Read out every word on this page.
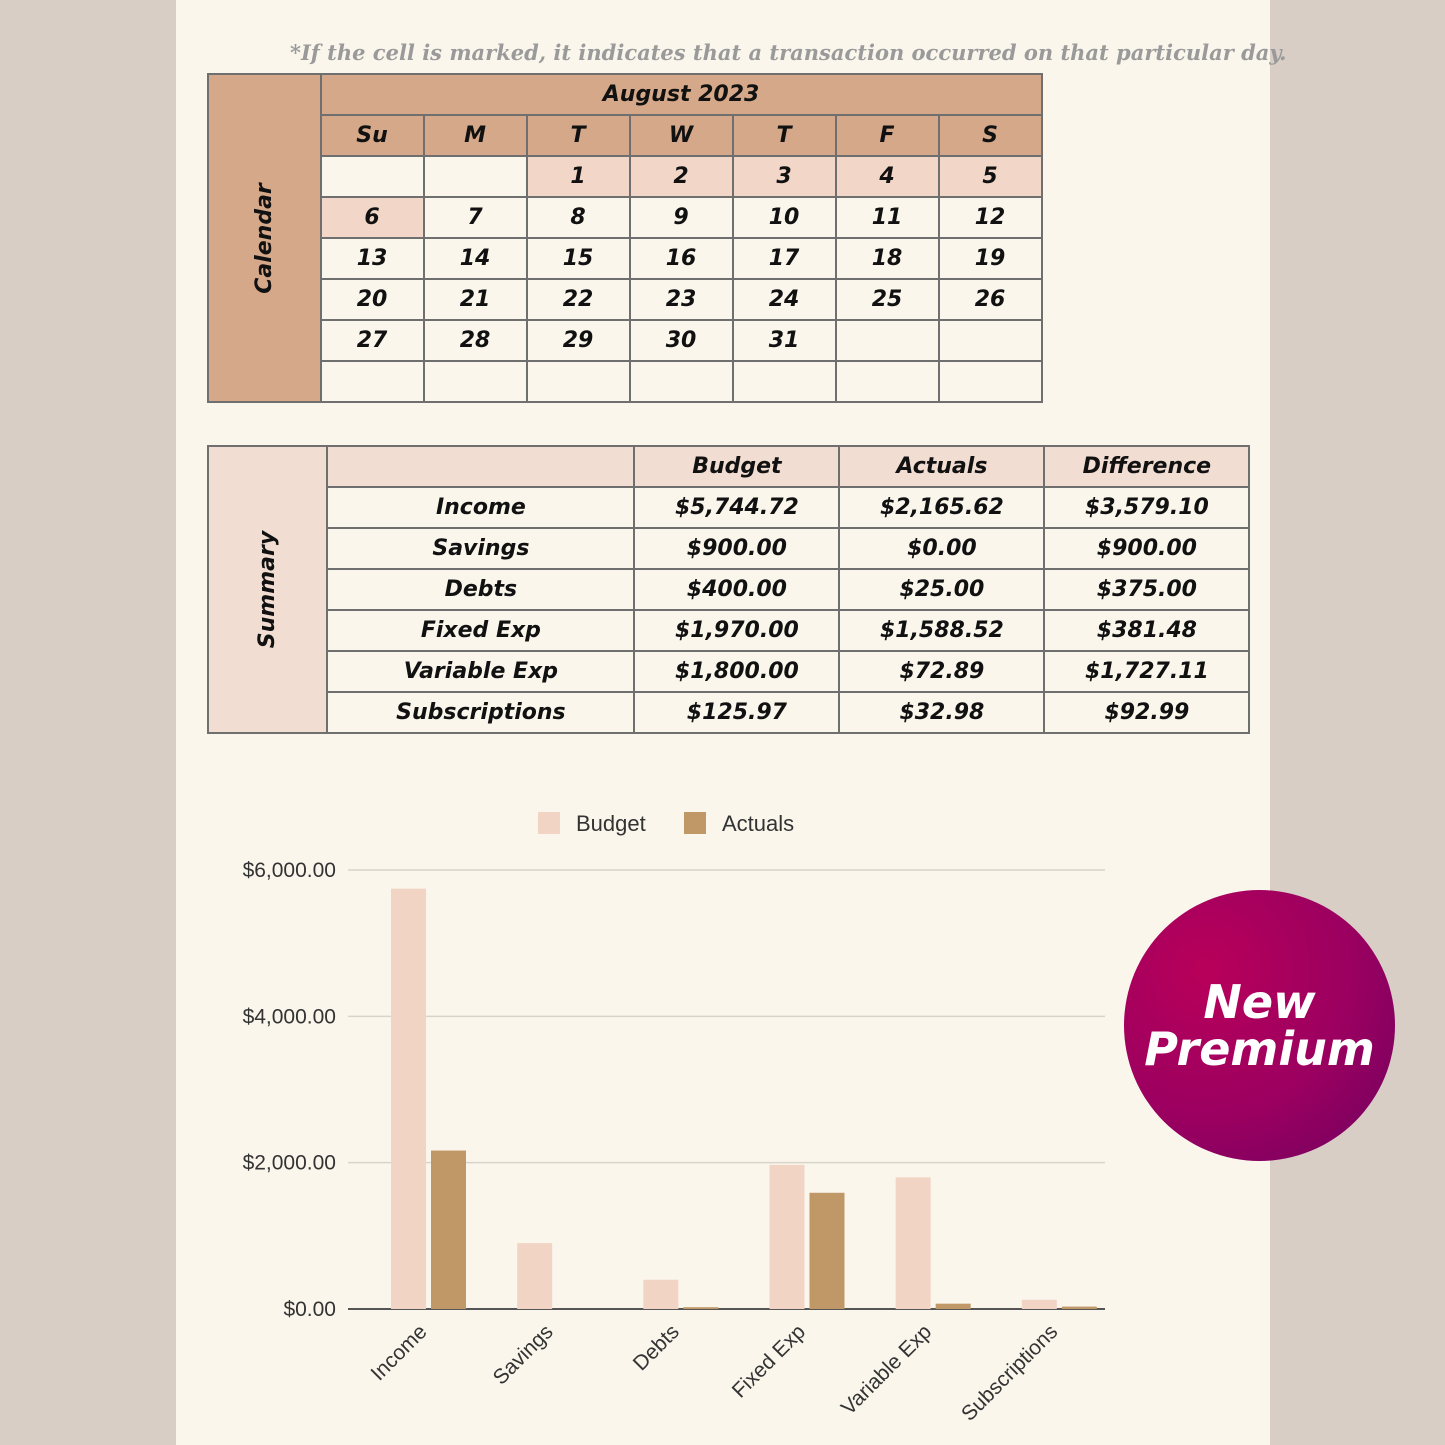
*If the cell is marked, it indicates that a transaction occurred on that particular day.
Calendar	August 2023						
	Su	M	T	W	T	F	S
			1	2	3	4	5
	6	7	8	9	10	11	12
	13	14	15	16	17	18	19
	20	21	22	23	24	25	26
	27	28	29	30	31		

Summary		Budget	Actuals	Difference
	Income	$5,744.72	$2,165.62	$3,579.10
	Savings	$900.00	$0.00	$900.00
	Debts	$400.00	$25.00	$375.00
	Fixed Exp	$1,970.00	$1,588.52	$381.48
	Variable Exp	$1,800.00	$72.89	$1,727.11
	Subscriptions	$125.97	$32.98	$92.99
$0.00
$2,000.00
$4,000.00
$6,000.00
Income	Savings	Debts Fixed Exp Variable Exp Subscriptions
Budget	Actuals
New
Premium
